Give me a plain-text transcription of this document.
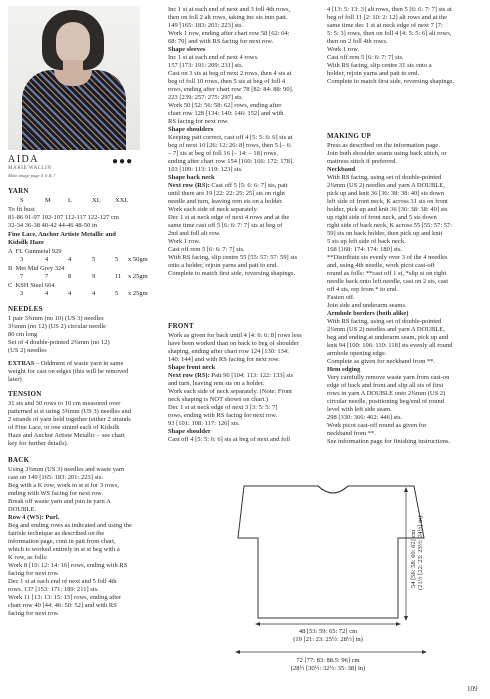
AIDA
MARIE WALLIN
Main image page 4, 6 & 7
●●●
YARN
S	M	L	XL XXL
To fit bust
81-86 91-97 102-107 112-117 122-127 cm
32-34 36-38 40-42 44-46 48-50 in
Fine Lace, Anchor Artiste Metallic and
Kidsilk Haze
A  FL Gunmetal 929
3	4	4	5	5 x 50gm
B  Met Mid Grey 324
7	7	8	9	11 x 25gm
C  KSH Steel 664
3	4	4	4	5 x 25gm
NEEDLES
1 pair 3¾mm (no 10) (US 3) needles
3¾mm (no 12) (US 2) circular needle
80 cm long
Set of 4 double-pointed 2¾mm (no 12)
(US 2) needles
EXTRAS – Oddment of waste yarn in same
weight for cast on edges (this will be removed
later)
TENSION
31 sts and 30 rows to 10 cm measured over
patterned st st using 3¾mm (US 3) needles and
2 strands of yarn held together (either 2 strands
of Fine Lace, or one strand each of Kidsilk
Haze and Anchor Artiste Metallic – see chart
key for further details).
BACK
Using 3¾mm (US 3) needles and waste yarn
cast on 149 [165: 183: 201: 223] sts.
Beg with a K row, work in st st for 3 rows,
ending with WS facing for next row.
Break off waste yarn and join in yarn A
DOUBLE.
Row 4 (WS): Purl.
Beg and ending rows as indicated and using the
fairisle technique as described on the
information page, cont in patt from chart,
which is worked entirely in st st beg with a
K row, as folls:
Work 8 [10: 12: 14: 16] rows, ending with RS
facing for next row.
Dec 1 st at each end of next and 5 foll 4th
rows. 137 [153: 171: 189: 211] sts.
Work 11 [13: 13: 15: 15] rows, ending after
chart row 40 [44: 46: 50: 52] and with RS
facing for next row.
Inc 1 st at each end of next and 3 foll 4th rows,
then on foll 2 alt rows, taking inc sts into patt.
149 [165: 183: 201: 223] sts.
Work 1 row, ending after chart row 58 [62: 64:
68: 70] and with RS facing for next row.
Shape sleeves
Inc 1 st at each end of next 4 rows.
157 [173: 191: 209: 231] sts.
Cast on 3 sts at beg of next 2 rows, then 4 sts at
beg of foll 10 rows, then 5 sts at beg of foll 4
rows, ending after chart row 78 [82: 84: 88: 90].
223 [239: 257: 275: 297] sts.
Work 50 [52: 56: 58: 62] rows, ending after
chart row 128 [134: 140: 146: 152] and with
RS facing for next row.
Shape shoulders
Keeping patt correct, cast off 4 [5: 5: 6: 6] sts at
beg of next 10 [26: 12: 26: 8] rows, then 5 [– 6:
– 7] sts at beg of foll 16 [– 14: – 18] rows,
ending after chart row 154 [160: 166: 172: 178].
103 [109: 113: 119: 123] sts.
Shape back neck
Next row (RS): Cast off 5 [5: 6: 6: 7] sts, patt
until there are 19 [22: 22: 25: 25] sts on right
needle and turn, leaving rem sts on a holder.
Work each side of neck separately.
Dec 1 st at neck edge of next 4 rows and at the
same time cast off 5 [6: 6: 7: 7] sts at beg of
2nd and foll alt row.
Work 1 row.
Cast off rem 5 [6: 6: 7: 7] sts.
With RS facing, slip centre 55 [55: 57: 57: 59] sts
onto a holder, rejoin yarns and patt to end.
Complete to match first side, reversing shapings.
FRONT
Work as given for back until 4 [4: 6: 6: 8] rows less
have been worked than on back to beg of shoulder
shaping, ending after chart row 124 [130: 134:
140: 144] and with RS facing for next row.
Shape front neck
Next row (RS): Patt 96 [104: 113: 122: 133] sts
and turn, leaving rem sts on a holder.
Work each side of neck separately. (Note: Front
neck shaping is NOT shown on chart.)
Dec 1 st at neck edge of next 3 [3: 5: 5: 7]
rows, ending with RS facing for next row.
93 [101: 108: 117: 126] sts.
Shape shoulder
Cast off 4 [5: 5: 6: 6] sts at beg of next and foll
4 [13: 5: 13: 3] alt rows, then 5 [6: 6: 7: 7] sts at
beg of foll 11 [2: 10: 2: 12] alt rows and at the
same time dec 1 st at neck edge of next 7 [7:
5: 5: 3] rows, then on foll 4 [4: 5: 5: 6] alt rows,
then on 2 foll 4th rows.
Work 1 row.
Cast off rem 5 [6: 6: 7: 7] sts.
With RS facing, slip centre 31 sts onto a
holder, rejoin yarns and patt to end.
Complete to match first side, reversing shapings.
MAKING UP
Press as described on the information page.
Join both shoulder seams using back stitch, or
mattress stitch if preferred.
Neckband
With RS facing, using set of double-pointed
2¾mm (US 2) needles and yarn A DOUBLE,
pick up and knit 36 [36: 38: 38: 40] sts down
left side of front neck, K across 31 sts on front
holder, pick up and knit 36 [36: 38: 38: 40] sts
up right side of front neck, and 5 sts down
right side of back neck, K across 55 [55: 57: 57:
59] sts on back holder, then pick up and knit
5 sts up left side of back neck.
168 [168: 174: 174: 180] sts.
**Distribute sts evenly over 3 of the 4 needles
and, using 4th needle, work picot cast-off
round as folls: **cast off 1 st, *slip st on right
needle back onto left needle, cast on 2 sts, cast
off 4 sts, rep from * to end.
Fasten off.
Join side and underarm seams.
Armhole borders (both alike)
With RS facing, using set of double-pointed
2¾mm (US 2) needles and yarn A DOUBLE,
beg and ending at underarm seam, pick up and
knit 94 [100: 106: 110: 118] sts evenly all round
armhole opening edge.
Complete as given for neckband from **.
Hem edging
Very carefully remove waste yarn from cast-on
edge of back and front and slip all sts of first
rows in yarn A DOUBLE onto 2¾mm (US 2)
circular needle, positioning beg/end of round
level with left side seam.
298 [330: 366: 402: 446] sts.
Work picot cast-off round as given for
neckband from **.
See information page for finishing instructions.
54 [56: 58: 60: 62] cm (21½ [22: 23: 23½: 24½] in)
48 [53: 59: 65: 72] cm
(19 [21: 23: 25½: 28½] in)
72 [77: 83: 88.5: 96] cm
(28½ [30½: 32½: 35: 38] in)
109
